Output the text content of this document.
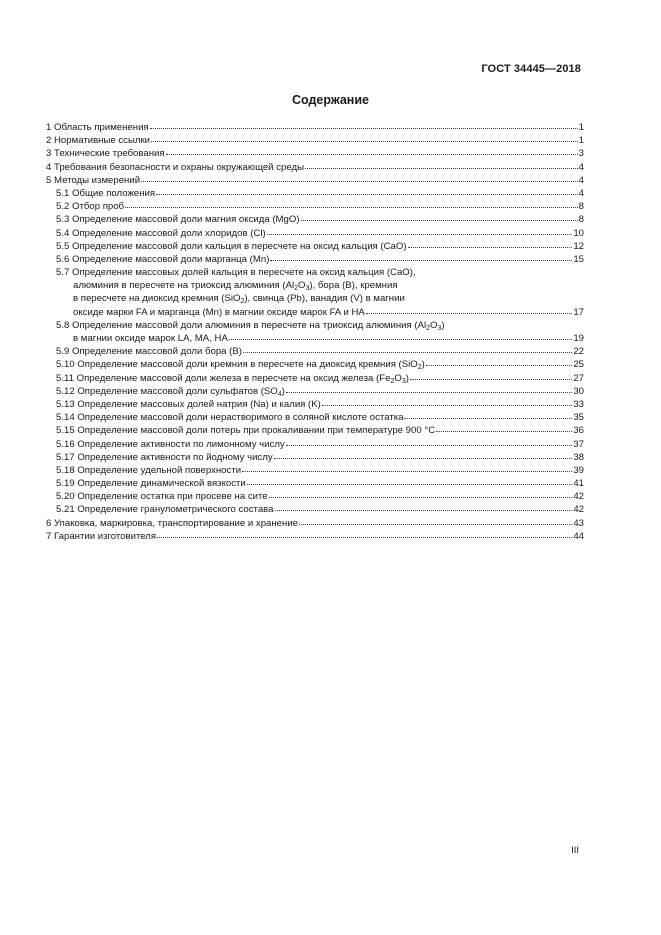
ГОСТ 34445—2018
Содержание
1 Область применения	1
2 Нормативные ссылки	1
3 Технические требования	3
4 Требования безопасности и охраны окружающей среды	4
5 Методы измерений	4
5.1 Общие положения	4
5.2 Отбор проб	8
5.3 Определение массовой доли магния оксида (MgO)	8
5.4 Определение массовой доли хлоридов (Cl)	10
5.5 Определение массовой доли кальция в пересчете на оксид кальция (CaO)	12
5.6 Определение массовой доли марганца (Mn)	15
5.7 Определение массовых долей кальция в пересчете на оксид кальция (CaO),
алюминия в пересчете на триоксид алюминия $(Al_2O_3)$, бора (B), кремния
в пересчете на диоксид кремния (SiO$_2$), свинца (Pb), ванадия (V) в магнии
оксиде марки FA и марганца (Mn) в магнии оксиде марок FA и HA	17
5.8 Определение массовой доли алюминия в пересчете на триоксид алюминия $(Al_2O_3)$
в магнии оксиде марок LA, MA, HA	19
5.9 Определение массовой доли бора (B)	22
5.10 Определение массовой доли кремния в пересчете на диоксид кремния (SiO$_2$)	25
5.11 Определение массовой доли железа в пересчете на оксид железа $(Fe_2O_3)$	27
5.12 Определение массовой доли сульфатов $(SO_4)$	30
5.13 Определение массовых долей натрия (Na) и калия (K)	33
5.14 Определение массовой доли нерастворимого в соляной кислоте остатка	35
5.15 Определение массовой доли потерь при прокаливании при температуре 900 °С	36
5.16 Определение активности по лимонному числу	37
5.17 Определение активности по йодному числу	38
5.18 Определение удельной поверхности	39
5.19 Определение динамической вязкости	41
5.20 Определение остатка при просеве на сите	42
5.21 Определение гранулометрического состава	42
6 Упаковка, маркировка, транспортирование и хранение	43
7 Гарантии изготовителя	44
III
